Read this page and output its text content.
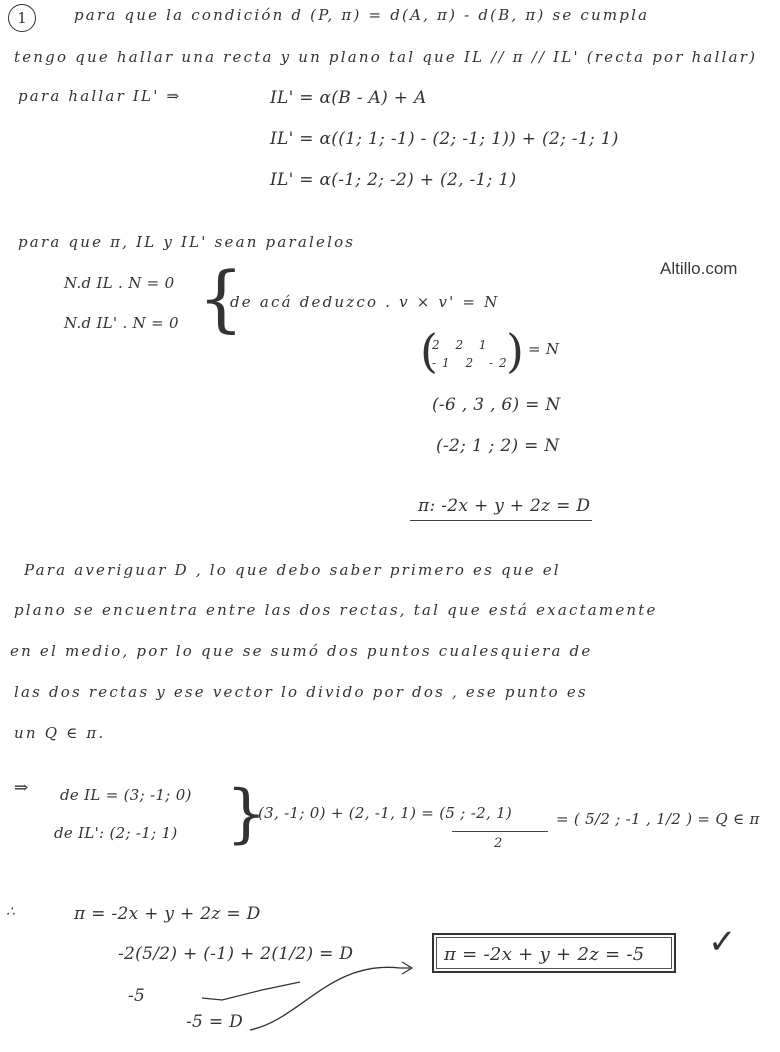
1	para que la condición d (P, π) = d(A, π) - d(B, π) se cumpla
tengo que hallar una recta y un plano tal que IL // π // IL' (recta por hallar)
para hallar IL' ⇒	IL' = α(B - A) + A
IL' = α((1; 1; -1) - (2; -1; 1)) + (2; -1; 1)
IL' = α(-1; 2; -2) + (2, -1; 1)
para que π, IL y IL' sean paralelos
Altillo.com
N.d IL . N = 0
N.d IL' . N = 0 {
de acá deduzco . v × v' = N
(
2 2 1
-1 2 -2
) = N
(-6 , 3 , 6) = N
(-2; 1 ; 2) = N
π: -2x + y + 2z = D
Para averiguar D , lo que debo saber primero es que el
plano se encuentra entre las dos rectas, tal que está exactamente
en el medio, por lo que se sumó dos puntos cualesquiera de
las dos rectas y ese vector lo divido por dos , ese punto es
un Q ∈ π.
⇒ de IL = (3; -1; 0)
de IL': (2; -1; 1) }
(3, -1; 0) + (2, -1, 1) = (5 ; -2, 1)
2
= ( 5/2 ; -1 , 1/2 ) = Q ∈ π
∴	π = -2x + y + 2z = D
-2(5/2) + (-1) + 2(1/2) = D
-5
-5 = D
π = -2x + y + 2z = -5 ✓
